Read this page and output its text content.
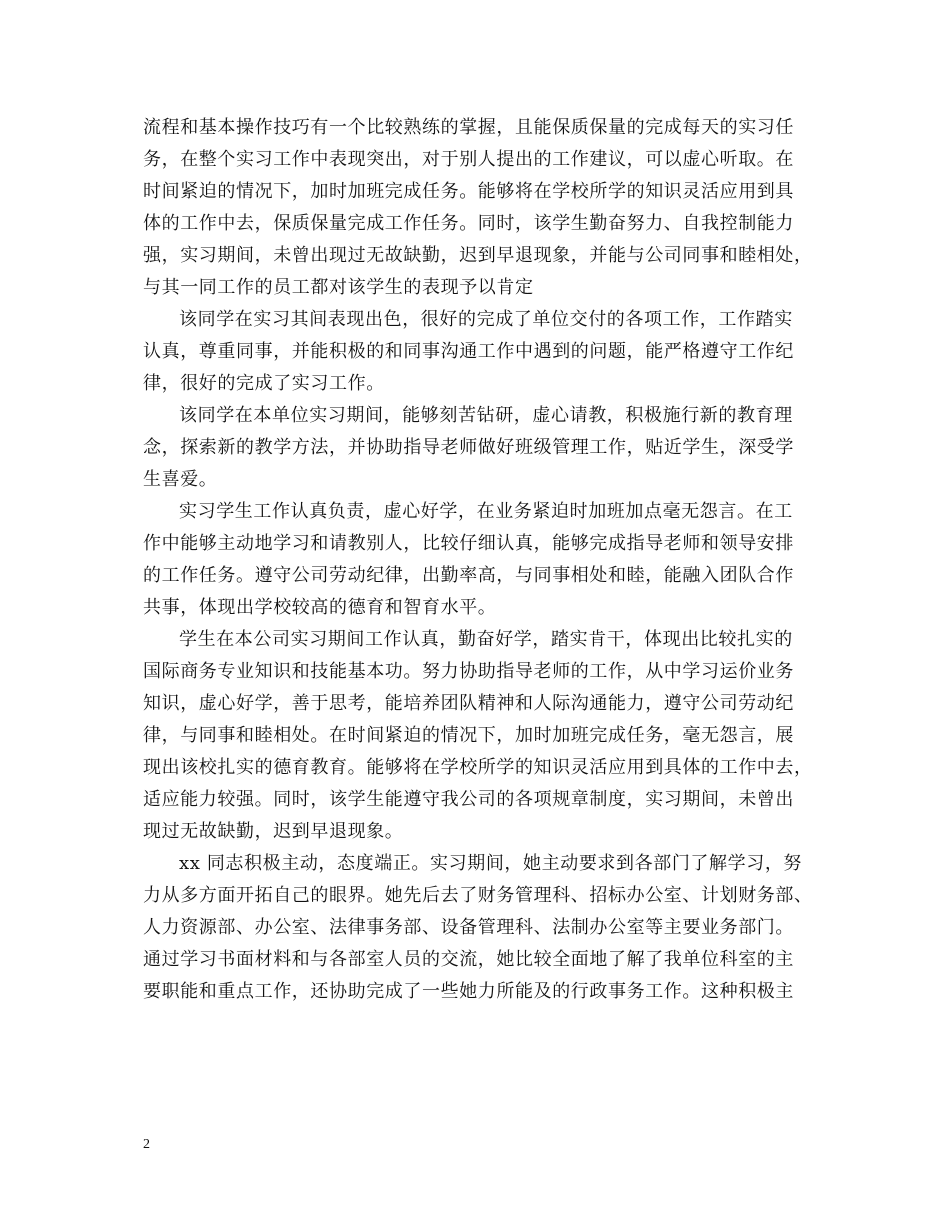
流程和基本操作技巧有一个比较熟练的掌握，且能保质保量的完成每天的实习任
务，在整个实习工作中表现突出，对于别人提出的工作建议，可以虚心听取。在
时间紧迫的情况下，加时加班完成任务。能够将在学校所学的知识灵活应用到具
体的工作中去，保质保量完成工作任务。同时，该学生勤奋努力、自我控制能力
强，实习期间，未曾出现过无故缺勤，迟到早退现象，并能与公司同事和睦相处，
与其一同工作的员工都对该学生的表现予以肯定
该同学在实习其间表现出色，很好的完成了单位交付的各项工作，工作踏实
认真，尊重同事，并能积极的和同事沟通工作中遇到的问题，能严格遵守工作纪
律，很好的完成了实习工作。
该同学在本单位实习期间，能够刻苦钻研，虚心请教，积极施行新的教育理
念，探索新的教学方法，并协助指导老师做好班级管理工作，贴近学生，深受学
生喜爱。
实习学生工作认真负责，虚心好学，在业务紧迫时加班加点毫无怨言。在工
作中能够主动地学习和请教别人，比较仔细认真，能够完成指导老师和领导安排
的工作任务。遵守公司劳动纪律，出勤率高，与同事相处和睦，能融入团队合作
共事，体现出学校较高的德育和智育水平。
学生在本公司实习期间工作认真，勤奋好学，踏实肯干，体现出比较扎实的
国际商务专业知识和技能基本功。努力协助指导老师的工作，从中学习运价业务
知识，虚心好学，善于思考，能培养团队精神和人际沟通能力，遵守公司劳动纪
律，与同事和睦相处。在时间紧迫的情况下，加时加班完成任务，毫无怨言，展
现出该校扎实的德育教育。能够将在学校所学的知识灵活应用到具体的工作中去，
适应能力较强。同时，该学生能遵守我公司的各项规章制度，实习期间，未曾出
现过无故缺勤，迟到早退现象。
xx 同志积极主动，态度端正。实习期间，她主动要求到各部门了解学习，努
力从多方面开拓自己的眼界。她先后去了财务管理科、招标办公室、计划财务部、
人力资源部、办公室、法律事务部、设备管理科、法制办公室等主要业务部门。
通过学习书面材料和与各部室人员的交流，她比较全面地了解了我单位科室的主
要职能和重点工作，还协助完成了一些她力所能及的行政事务工作。这种积极主
2
